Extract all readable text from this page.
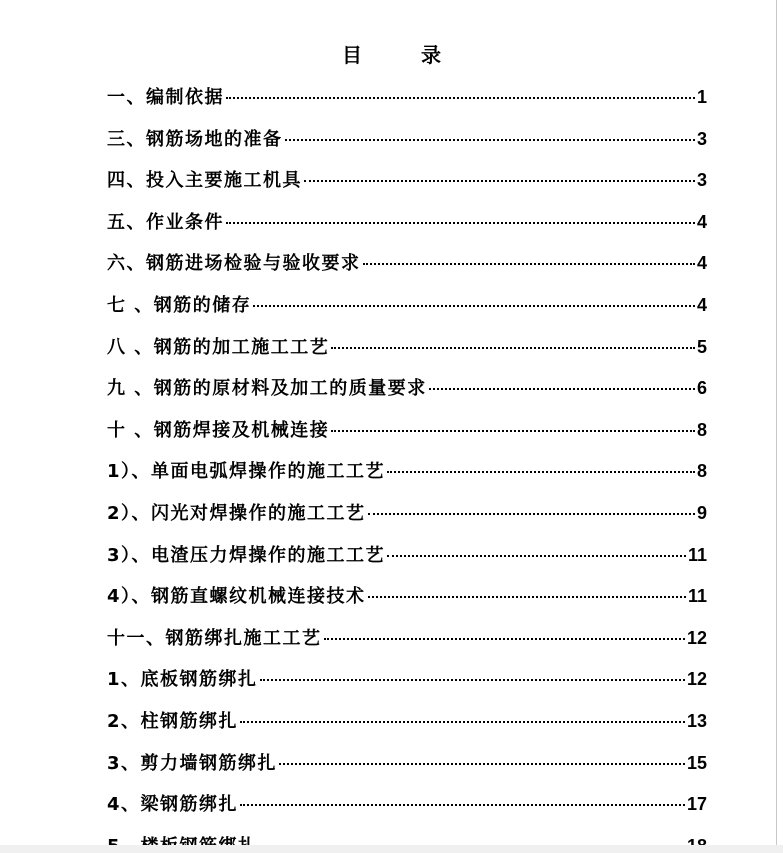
目 录
一、编制依据	1
三、钢筋场地的准备	3
四、投入主要施工机具	3
五、作业条件	4
六、钢筋进场检验与验收要求	4
七 、钢筋的储存	4
八 、钢筋的加工施工工艺	5
九 、钢筋的原材料及加工的质量要求	6
十 、钢筋焊接及机械连接	8
1）、单面电弧焊操作的施工工艺	8
2）、闪光对焊操作的施工工艺	9
3）、电渣压力焊操作的施工工艺	11
4）、钢筋直螺纹机械连接技术	11
十一、钢筋绑扎施工工艺	12
1、底板钢筋绑扎	12
2、柱钢筋绑扎	13
3、剪力墙钢筋绑扎	15
4、梁钢筋绑扎	17
